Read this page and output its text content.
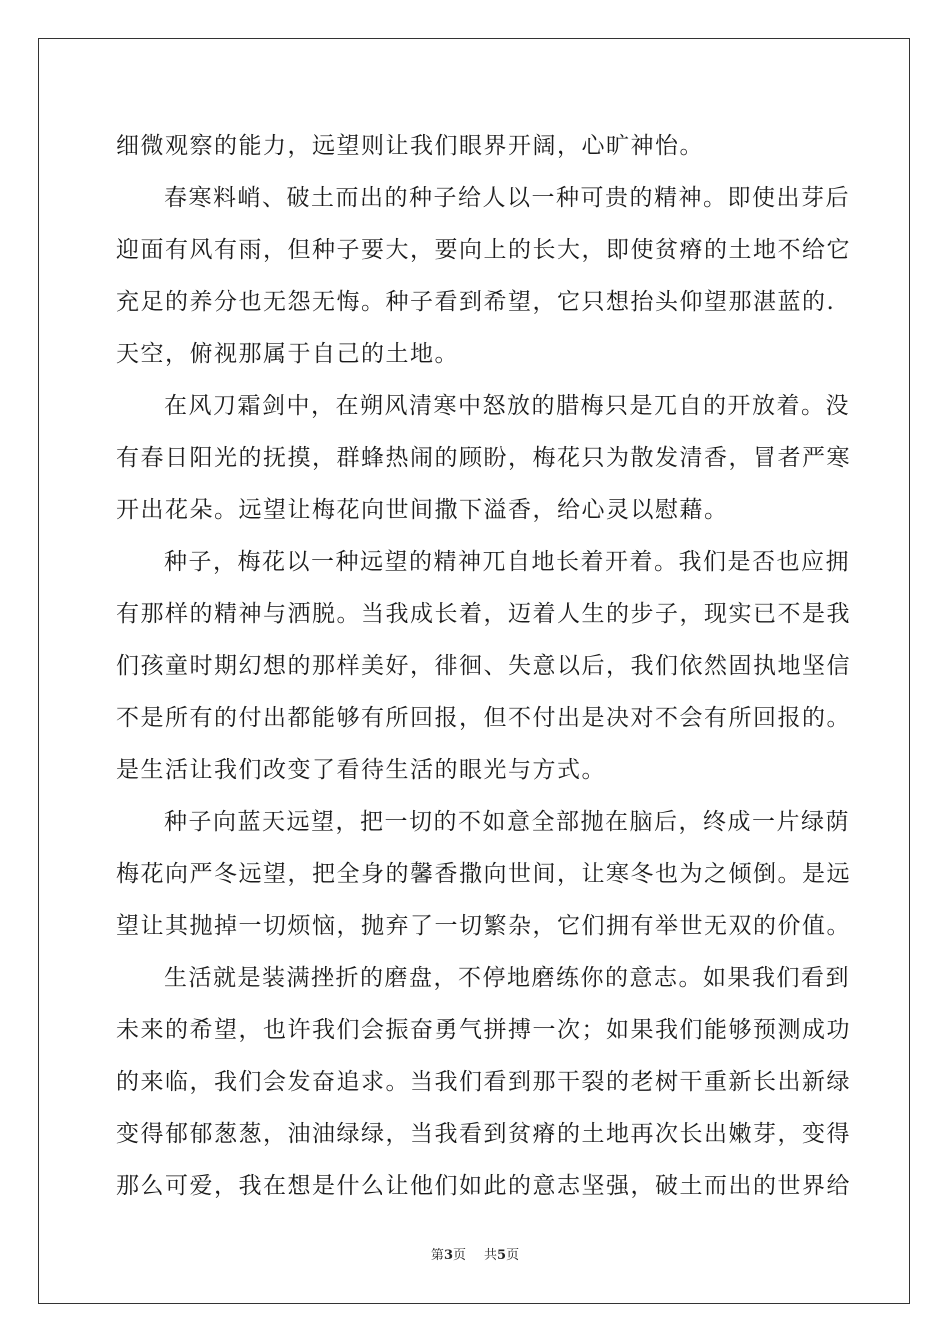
细微观察的能力，远望则让我们眼界开阔，心旷神怡。
春寒料峭、破土而出的种子给人以一种可贵的精神。即使出芽后
迎面有风有雨，但种子要大，要向上的长大，即使贫瘠的土地不给它
充足的养分也无怨无悔。种子看到希望，它只想抬头仰望那湛蓝的.
天空，俯视那属于自己的土地。
在风刀霜剑中，在朔风清寒中怒放的腊梅只是兀自的开放着。没
有春日阳光的抚摸，群蜂热闹的顾盼，梅花只为散发清香，冒者严寒
开出花朵。远望让梅花向世间撒下溢香，给心灵以慰藉。
种子，梅花以一种远望的精神兀自地长着开着。我们是否也应拥
有那样的精神与洒脱。当我成长着，迈着人生的步子，现实已不是我
们孩童时期幻想的那样美好，徘徊、失意以后，我们依然固执地坚信
不是所有的付出都能够有所回报，但不付出是决对不会有所回报的。
是生活让我们改变了看待生活的眼光与方式。
种子向蓝天远望，把一切的不如意全部抛在脑后，终成一片绿荫
梅花向严冬远望，把全身的馨香撒向世间，让寒冬也为之倾倒。是远
望让其抛掉一切烦恼，抛弃了一切繁杂，它们拥有举世无双的价值。
生活就是装满挫折的磨盘，不停地磨练你的意志。如果我们看到
未来的希望，也许我们会振奋勇气拼搏一次；如果我们能够预测成功
的来临，我们会发奋追求。当我们看到那干裂的老树干重新长出新绿
变得郁郁葱葱，油油绿绿，当我看到贫瘠的土地再次长出嫩芽，变得
那么可爱，我在想是什么让他们如此的意志坚强，破土而出的世界给
第3页 共5页
